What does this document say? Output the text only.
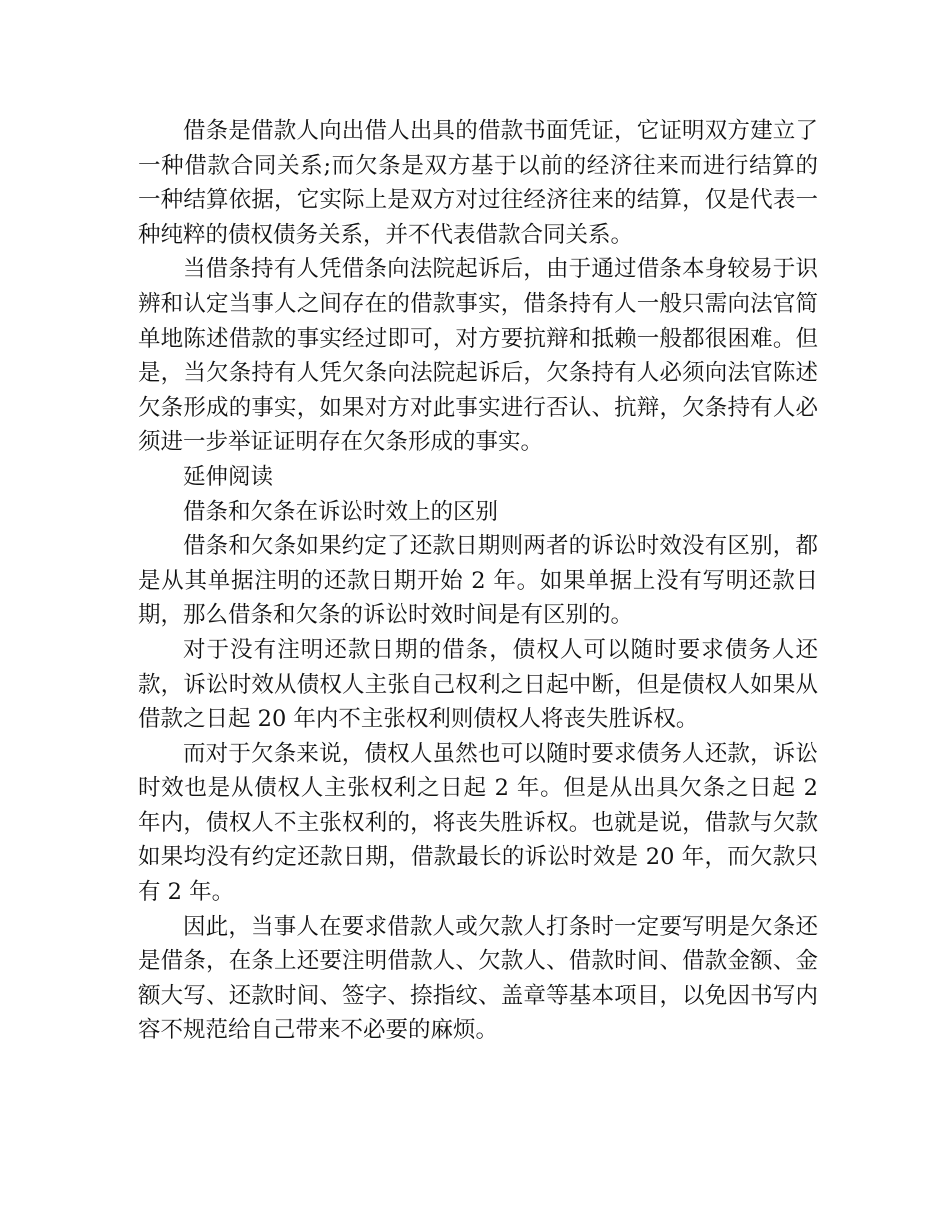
借条是借款人向出借人出具的借款书面凭证，它证明双方建立了一种借款合同关系;而欠条是双方基于以前的经济往来而进行结算的一种结算依据，它实际上是双方对过往经济往来的结算，仅是代表一种纯粹的债权债务关系，并不代表借款合同关系。

当借条持有人凭借条向法院起诉后，由于通过借条本身较易于识辨和认定当事人之间存在的借款事实，借条持有人一般只需向法官简单地陈述借款的事实经过即可，对方要抗辩和抵赖一般都很困难。但是，当欠条持有人凭欠条向法院起诉后，欠条持有人必须向法官陈述欠条形成的事实，如果对方对此事实进行否认、抗辩，欠条持有人必须进一步举证证明存在欠条形成的事实。

延伸阅读

借条和欠条在诉讼时效上的区别

借条和欠条如果约定了还款日期则两者的诉讼时效没有区别，都是从其单据注明的还款日期开始 2 年。如果单据上没有写明还款日期，那么借条和欠条的诉讼时效时间是有区别的。

对于没有注明还款日期的借条，债权人可以随时要求债务人还款，诉讼时效从债权人主张自己权利之日起中断，但是债权人如果从借款之日起 20 年内不主张权利则债权人将丧失胜诉权。

而对于欠条来说，债权人虽然也可以随时要求债务人还款，诉讼时效也是从债权人主张权利之日起 2 年。但是从出具欠条之日起 2 年内，债权人不主张权利的，将丧失胜诉权。也就是说，借款与欠款如果均没有约定还款日期，借款最长的诉讼时效是 20 年，而欠款只有 2 年。

因此，当事人在要求借款人或欠款人打条时一定要写明是欠条还是借条，在条上还要注明借款人、欠款人、借款时间、借款金额、金额大写、还款时间、签字、捺指纹、盖章等基本项目，以免因书写内容不规范给自己带来不必要的麻烦。
